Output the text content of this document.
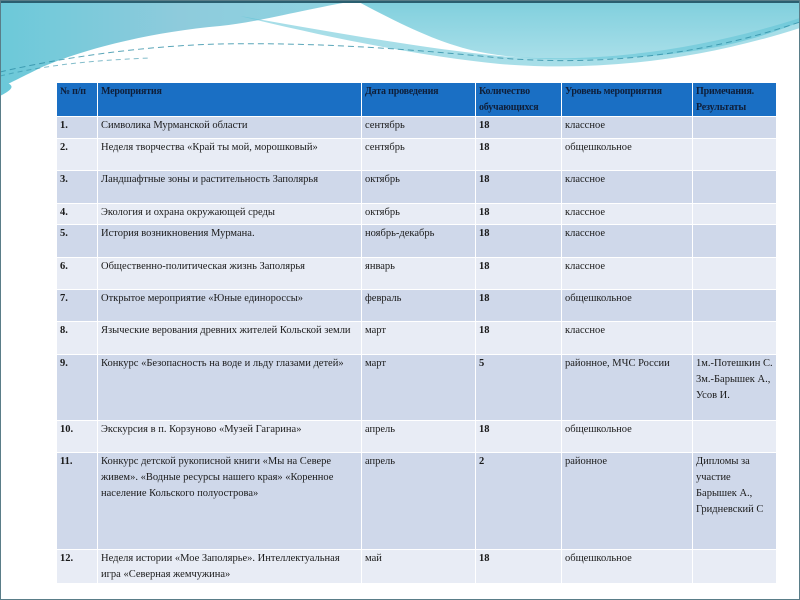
№ п/п	Мероприятия	Дата проведения	Количество обучающихся	Уровень мероприятия	Примечания. Результаты
1.	Символика Мурманской области	сентябрь	18	классное	
2.	Неделя творчества «Край ты мой, морошковый»	сентябрь	18	общешкольное	
3.	Ландшафтные зоны и растительность Заполярья	октябрь	18	классное	
4.	Экология и охрана окружающей среды	октябрь	18	классное	
5.	История возникновения Мурмана.	ноябрь-декабрь	18	классное	
6.	Общественно-политическая жизнь Заполярья	январь	18	классное	
7.	Открытое мероприятие «Юные единороссы»	февраль	18	общешкольное	
8.	Языческие верования древних жителей Кольской земли	март	18	классное	
9.	Конкурс «Безопасность на воде и льду глазами детей»	март	5	районное, МЧС России	1м.-Потешкин С. 3м.-Барышек А., Усов И.
10.	Экскурсия в п. Корзуново «Музей Гагарина»	апрель	18	общешкольное	
11.	Конкурс детской рукописной книги «Мы на Севере живем». «Водные ресурсы нашего края» «Коренное население Кольского полуострова»	апрель	2	районное	Дипломы за участие Барышек А., Гридневский С
12.	Неделя истории «Мое Заполярье». Интеллектуальная игра «Северная жемчужина»	май	18	общешкольное	
